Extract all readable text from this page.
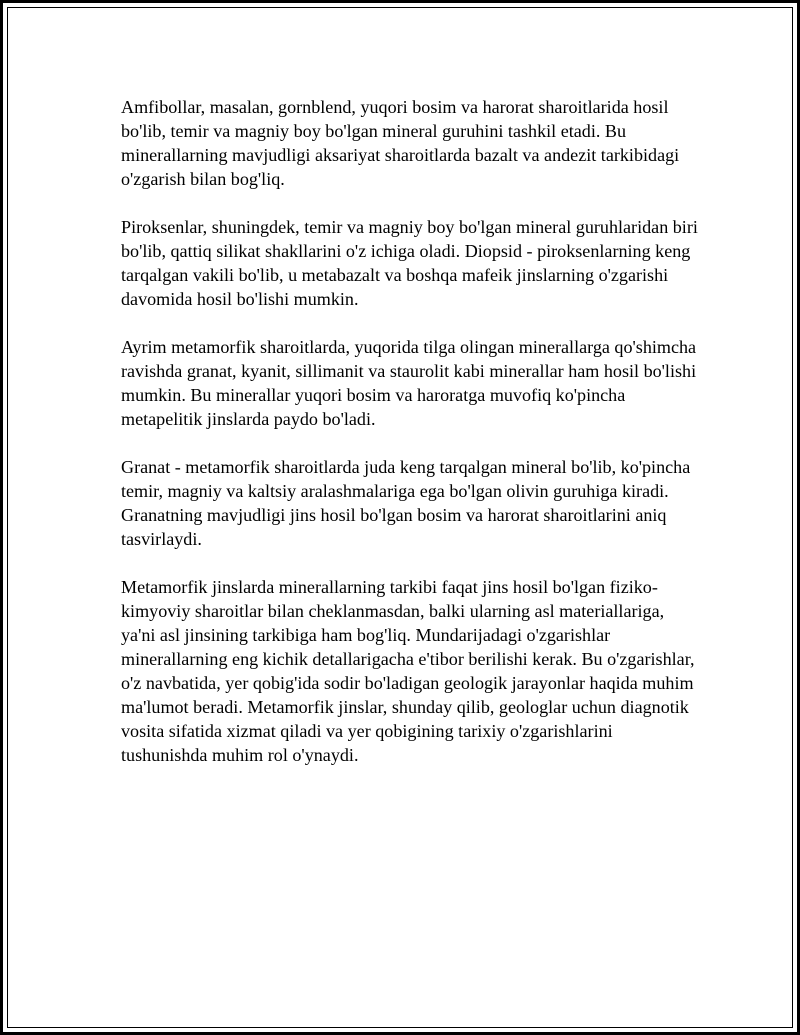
Amfibollar, masalan, gornblend, yuqori bosim va harorat sharoitlarida hosil bo'lib, temir va magniy boy bo'lgan mineral guruhini tashkil etadi. Bu minerallarning mavjudligi aksariyat sharoitlarda bazalt va andezit tarkibidagi o'zgarish bilan bog'liq.

Piroksenlar, shuningdek, temir va magniy boy bo'lgan mineral guruhlaridan biri bo'lib, qattiq silikat shakllarini o'z ichiga oladi. Diopsid - piroksenlarning keng tarqalgan vakili bo'lib, u metabazalt va boshqa mafeik jinslarning o'zgarishi davomida hosil bo'lishi mumkin.

Ayrim metamorfik sharoitlarda, yuqorida tilga olingan minerallarga qo'shimcha ravishda granat, kyanit, sillimanit va staurolit kabi minerallar ham hosil bo'lishi mumkin. Bu minerallar yuqori bosim va haroratga muvofiq ko'pincha metapelitik jinslarda paydo bo'ladi.

Granat - metamorfik sharoitlarda juda keng tarqalgan mineral bo'lib, ko'pincha temir, magniy va kaltsiy aralashmalariga ega bo'lgan olivin guruhiga kiradi. Granatning mavjudligi jins hosil bo'lgan bosim va harorat sharoitlarini aniq tasvirlaydi.

Metamorfik jinslarda minerallarning tarkibi faqat jins hosil bo'lgan fiziko-kimyoviy sharoitlar bilan cheklanmasdan, balki ularning asl materiallariga, ya'ni asl jinsining tarkibiga ham bog'liq. Mundarijadagi o'zgarishlar minerallarning eng kichik detallarigacha e'tibor berilishi kerak. Bu o'zgarishlar, o'z navbatida, yer qobig'ida sodir bo'ladigan geologik jarayonlar haqida muhim ma'lumot beradi. Metamorfik jinslar, shunday qilib, geologlar uchun diagnotik vosita sifatida xizmat qiladi va yer qobigining tarixiy o'zgarishlarini tushunishda muhim rol o'ynaydi.
